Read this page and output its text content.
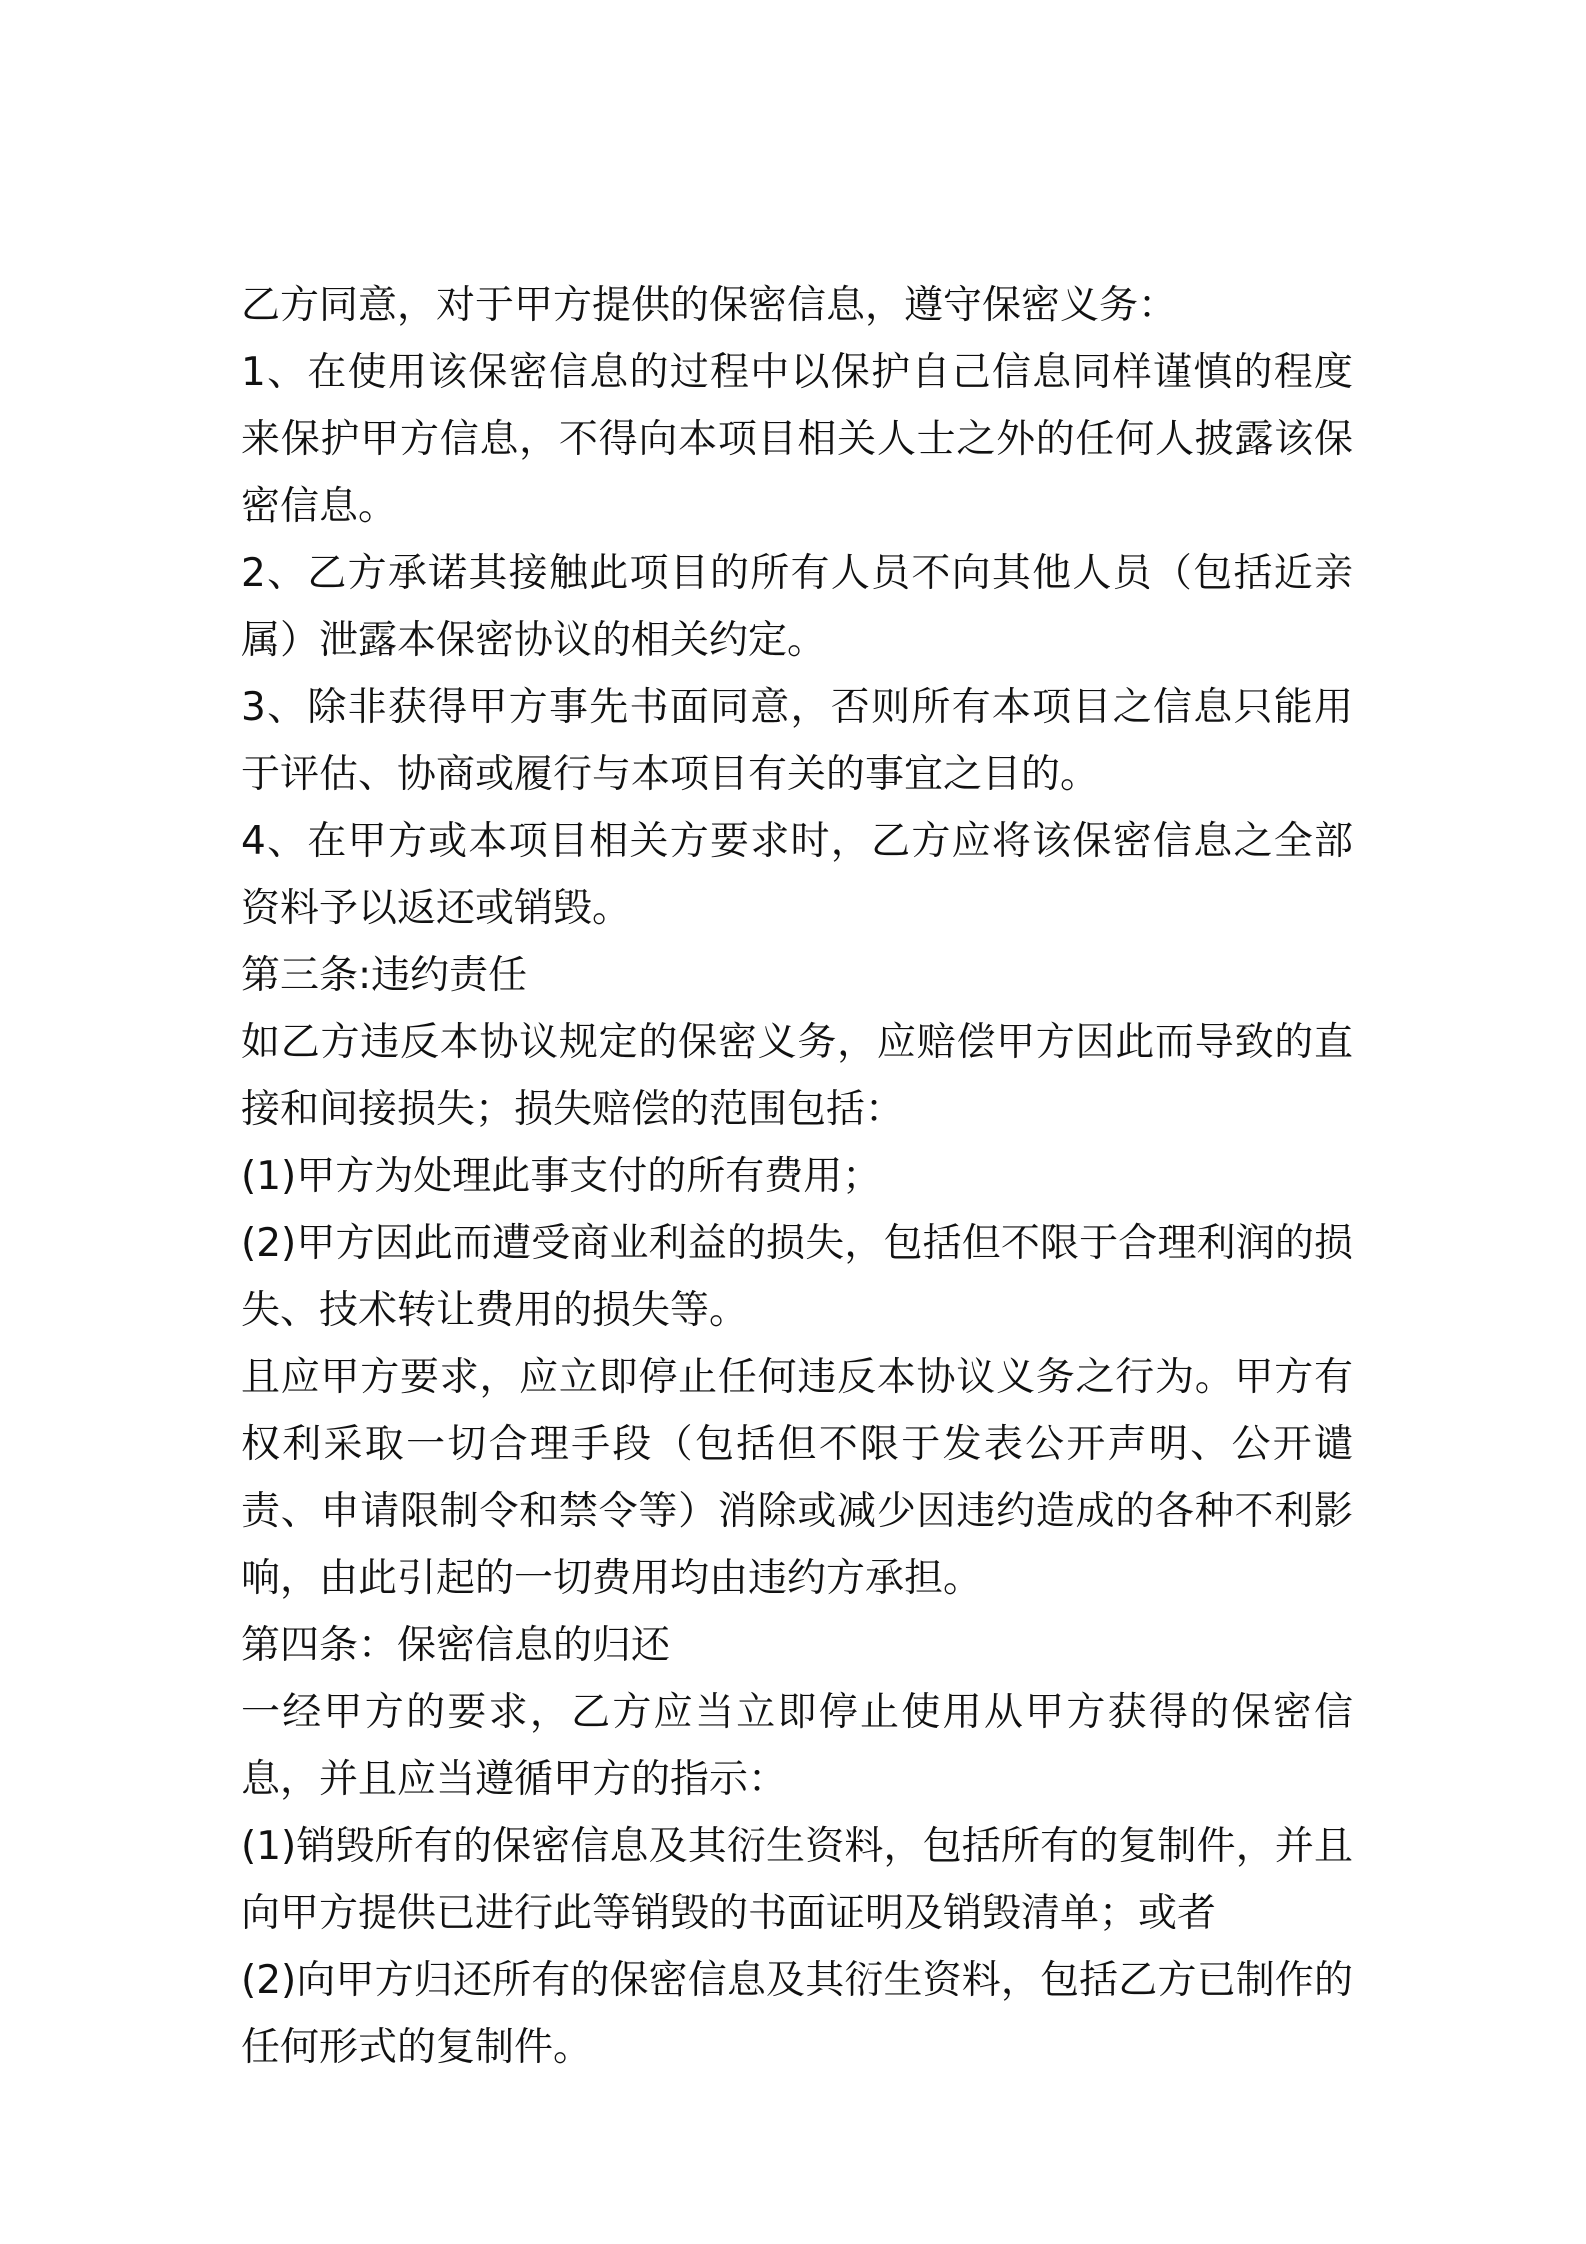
乙方同意，对于甲方提供的保密信息，遵守保密义务：

1、在使用该保密信息的过程中以保护自己信息同样谨慎的程度来保护甲方信息，不得向本项目相关人士之外的任何人披露该保密信息。

2、乙方承诺其接触此项目的所有人员不向其他人员（包括近亲属）泄露本保密协议的相关约定。

3、除非获得甲方事先书面同意，否则所有本项目之信息只能用于评估、协商或履行与本项目有关的事宜之目的。

4、在甲方或本项目相关方要求时，乙方应将该保密信息之全部资料予以返还或销毁。

第三条:违约责任

如乙方违反本协议规定的保密义务，应赔偿甲方因此而导致的直接和间接损失；损失赔偿的范围包括：

(1)甲方为处理此事支付的所有费用；

(2)甲方因此而遭受商业利益的损失，包括但不限于合理利润的损失、技术转让费用的损失等。

且应甲方要求，应立即停止任何违反本协议义务之行为。甲方有权利采取一切合理手段（包括但不限于发表公开声明、公开谴责、申请限制令和禁令等）消除或减少因违约造成的各种不利影响，由此引起的一切费用均由违约方承担。

第四条：保密信息的归还

一经甲方的要求，乙方应当立即停止使用从甲方获得的保密信息，并且应当遵循甲方的指示：

(1)销毁所有的保密信息及其衍生资料，包括所有的复制件，并且向甲方提供已进行此等销毁的书面证明及销毁清单；或者

(2)向甲方归还所有的保密信息及其衍生资料，包括乙方已制作的任何形式的复制件。
